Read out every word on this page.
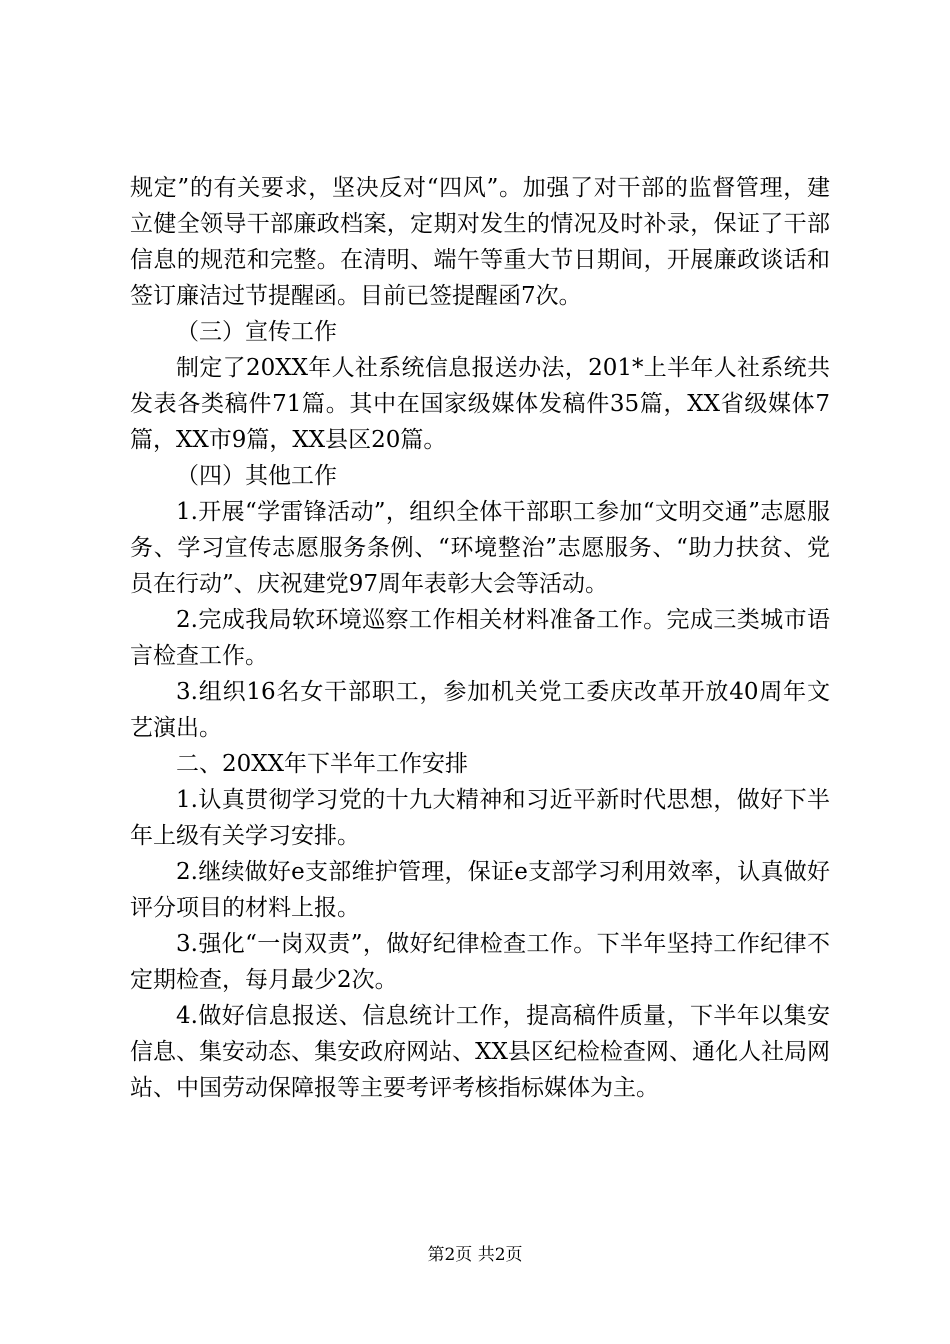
规定”的有关要求，坚决反对“四风”。加强了对干部的监督管理，建立健全领导干部廉政档案，定期对发生的情况及时补录，保证了干部信息的规范和完整。在清明、端午等重大节日期间，开展廉政谈话和签订廉洁过节提醒函。目前已签提醒函7次。

（三）宣传工作

制定了20XX年人社系统信息报送办法，201*上半年人社系统共发表各类稿件71篇。其中在国家级媒体发稿件35篇，XX省级媒体7篇，XX市9篇，XX县区20篇。

（四）其他工作

1.开展“学雷锋活动”，组织全体干部职工参加“文明交通”志愿服务、学习宣传志愿服务条例、“环境整治”志愿服务、“助力扶贫、党员在行动”、庆祝建党97周年表彰大会等活动。

2.完成我局软环境巡察工作相关材料准备工作。完成三类城市语言检查工作。

3.组织16名女干部职工，参加机关党工委庆改革开放40周年文艺演出。

二、20XX年下半年工作安排

1.认真贯彻学习党的十九大精神和习近平新时代思想，做好下半年上级有关学习安排。

2.继续做好e支部维护管理，保证e支部学习利用效率，认真做好评分项目的材料上报。

3.强化“一岗双责”，做好纪律检查工作。下半年坚持工作纪律不定期检查，每月最少2次。

4.做好信息报送、信息统计工作，提高稿件质量，下半年以集安信息、集安动态、集安政府网站、XX县区纪检检查网、通化人社局网站、中国劳动保障报等主要考评考核指标媒体为主。

第2页 共2页
